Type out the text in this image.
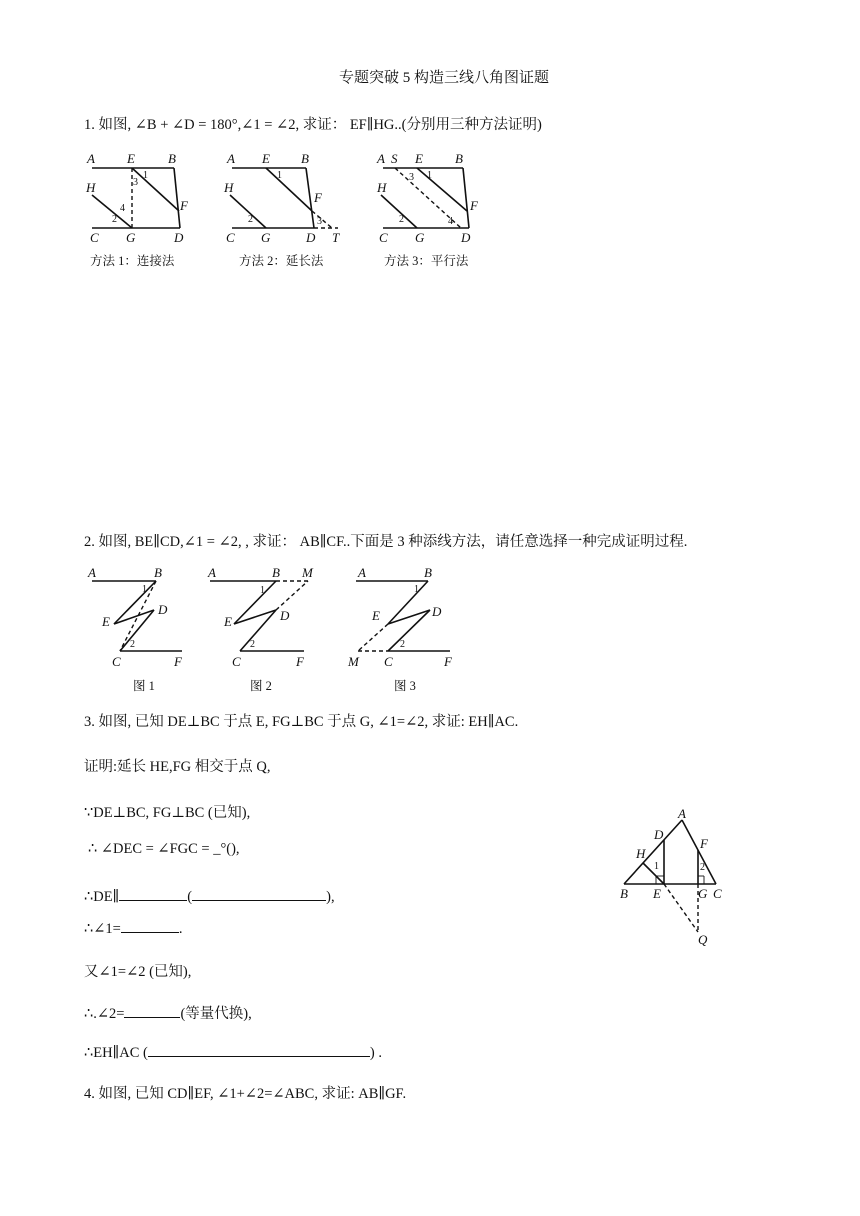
专题突破 5 构造三线八角图证题
1. 如图, ∠B + ∠D = 180°,∠1 = ∠2, 求证： EF∥HG..(分别用三种方法证明)
A E	B
H
F
C G	D
1
3
4
2
方法 1：连接法
A E B
H
F
C G	D T
1
3
2
方法 2：延长法
A S E B
H
F
C G	D
3 1
4
2
方法 3：平行法
2. 如图, BE∥CD,∠1 = ∠2, , 求证： AB∥CF..下面是 3 种添线方法，请任意选择一种完成证明过程.
A	B
D
E
C	F
1
2
图 1
A	B M
D
E
C	F
1
2
图 2
A	B
D
E
M C	F
1
2
图 3
3. 如图, 已知 DE⊥BC 于点 E, FG⊥BC 于点 G, ∠1=∠2, 求证: EH∥AC.
证明:延长 HE,FG 相交于点 Q,
∵DE⊥BC, FG⊥BC (已知),
∴ ∠DEC = ∠FGC = _°(),
∴DE∥	(	),
∴∠1=	.
又∠1=∠2 (已知),
∴.∠2=	(等量代换),
∴EH∥AC (	) .
A
D
F
H
1	2
B E	G C
Q
4. 如图, 已知 CD∥EF, ∠1+∠2=∠ABC, 求证: AB∥GF.
